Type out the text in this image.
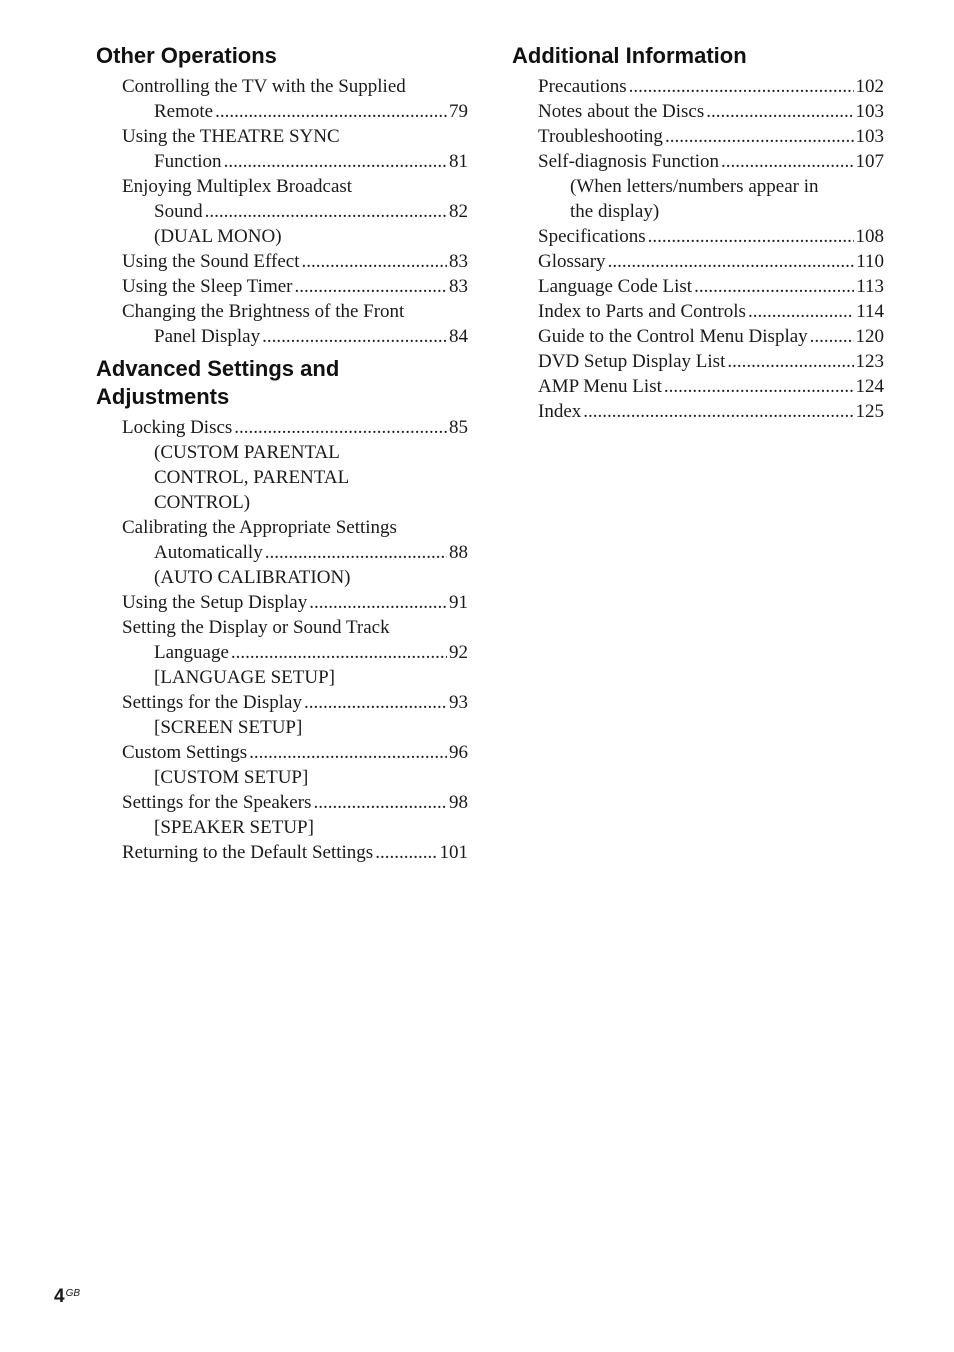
Other Operations
Controlling the TV with the Supplied
Remote .....	79
Using the THEATRE SYNC
Function .....	81
Enjoying Multiplex Broadcast
Sound .....	82
(DUAL MONO)
Using the Sound Effect .....	83
Using the Sleep Timer .....	83
Changing the Brightness of the Front
Panel Display .....	84
Advanced Settings and
Adjustments
Locking Discs .....	85
(CUSTOM PARENTAL
CONTROL, PARENTAL
CONTROL)
Calibrating the Appropriate Settings
Automatically .....	88
(AUTO CALIBRATION)
Using the Setup Display .....	91
Setting the Display or Sound Track
Language .....	92
[LANGUAGE SETUP]
Settings for the Display .....	93
[SCREEN SETUP]
Custom Settings .....	96
[CUSTOM SETUP]
Settings for the Speakers .....	98
[SPEAKER SETUP]
Returning to the Default Settings .....	101
Additional Information
Precautions .....	102
Notes about the Discs .....	103
Troubleshooting .....	103
Self-diagnosis Function .....	107
(When letters/numbers appear in
the display)
Specifications .....	108
Glossary .....	110
Language Code List .....	113
Index to Parts and Controls .....	114
Guide to the Control Menu Display .....	120
DVD Setup Display List .....	123
AMP Menu List .....	124
Index .....	125
$4^{GB}$
